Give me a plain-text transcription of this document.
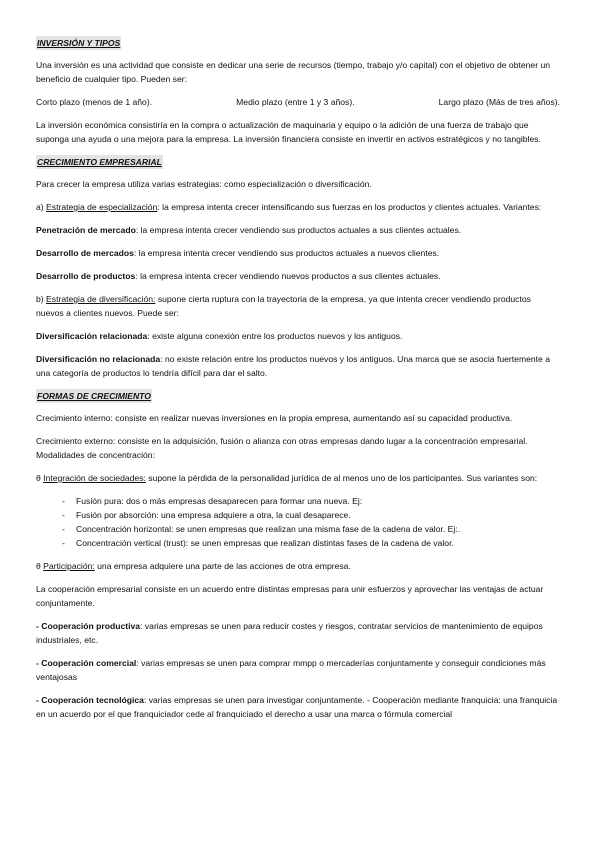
INVERSIÓN Y TIPOS

Una inversión es una actividad que consiste en dedicar una serie de recursos (tiempo, trabajo y/o capital) con el objetivo de obtener un beneficio de cualquier tipo. Pueden ser:

Corto plazo (menos de 1 año).	Medio plazo (entre 1 y 3 años).	Largo plazo (Más de tres años).

La inversión económica consistiría en la compra o actualización de maquinaria y equipo o la adición de una fuerza de trabajo que suponga una ayuda o una mejora para la empresa. La inversión financiera consiste en invertir en activos estratégicos y no tangibles.

CRECIMIENTO EMPRESARIAL

Para crecer la empresa utiliza varias estrategias: como especialización o diversificación.

a) Estrategia de especialización: la empresa intenta crecer intensificando sus fuerzas en los productos y clientes actuales. Variantes:

Penetración de mercado: la empresa intenta crecer vendiendo sus productos actuales a sus clientes actuales.

Desarrollo de mercados: la empresa intenta crecer vendiendo sus productos actuales a nuevos clientes.

Desarrollo de productos: la empresa intenta crecer vendiendo nuevos productos a sus clientes actuales.

b) Estrategia de diversificación: supone cierta ruptura con la trayectoria de la empresa, ya que intenta crecer vendiendo productos nuevos a clientes nuevos. Puede ser:

Diversificación relacionada: existe alguna conexión entre los productos nuevos y los antiguos.

Diversificación no relacionada: no existe relación entre los productos nuevos y los antiguos. Una marca que se asocia fuertemente a una categoría de productos lo tendría difícil para dar el salto.

FORMAS DE CRECIMIENTO

Crecimiento interno: consiste en realizar nuevas inversiones en la propia empresa, aumentando así su capacidad productiva.

Crecimiento externo: consiste en la adquisición, fusión o alianza con otras empresas dando lugar a la concentración empresarial. Modalidades de concentración:

θ Integración de sociedades: supone la pérdida de la personalidad jurídica de al menos uno de los participantes. Sus variantes son:

- Fusión pura: dos o más empresas desaparecen para formar una nueva. Ej:
- Fusión por absorción: una empresa adquiere a otra, la cual desaparece.
- Concentración horizontal: se unen empresas que realizan una misma fase de la cadena de valor. Ej:.
- Concentración vertical (trust): se unen empresas que realizan distintas fases de la cadena de valor.

θ Participación: una empresa adquiere una parte de las acciones de otra empresa.

La cooperación empresarial consiste en un acuerdo entre distintas empresas para unir esfuerzos y aprovechar las ventajas de actuar conjuntamente.

- Cooperación productiva: varias empresas se unen para reducir costes y riesgos, contratar servicios de mantenimiento de equipos industriales, etc.

- Cooperación comercial: varias empresas se unen para comprar mmpp o mercaderías conjuntamente y conseguir condiciones más ventajosas

- Cooperación tecnológica: varias empresas se unen para investigar conjuntamente. - Cooperación mediante franquicia: una franquicia en un acuerdo por el que franquiciador cede al franquiciado el derecho a usar una marca o fórmula comercial
